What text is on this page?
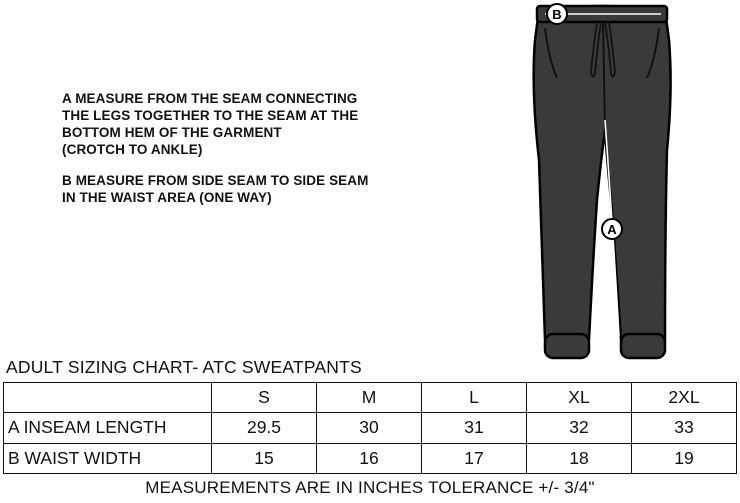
A MEASURE FROM THE SEAM CONNECTING
THE LEGS TOGETHER TO THE SEAM AT THE
BOTTOM HEM OF THE GARMENT
(CROTCH TO ANKLE)
B MEASURE FROM SIDE SEAM TO SIDE SEAM
IN THE WAIST AREA (ONE WAY)
B
A
ADULT SIZING CHART- ATC SWEATPANTS
	S	M	L	XL	2XL
A INSEAM LENGTH	29.5	30	31	32	33
B WAIST WIDTH	15	16	17	18	19
MEASUREMENTS ARE IN INCHES TOLERANCE +/- 3/4"
